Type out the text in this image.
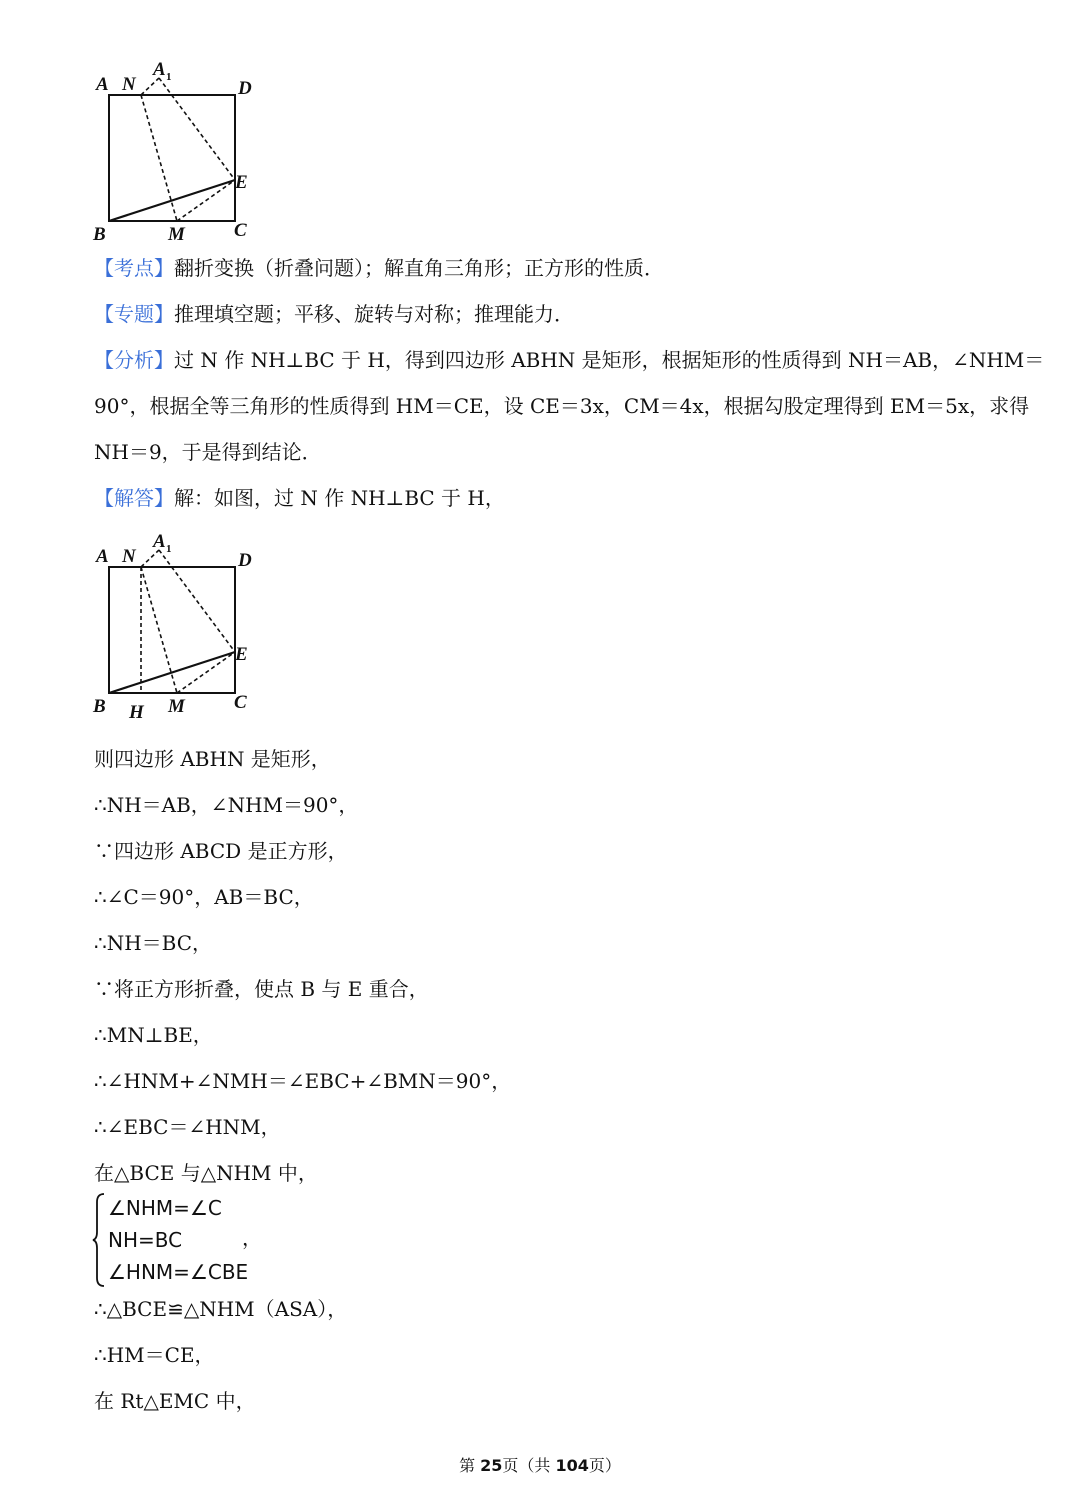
A N
A 1
D
E
B	M	C
【考点】翻折变换（折叠问题）；解直角三角形；正方形的性质．
【专题】推理填空题；平移、旋转与对称；推理能力．
【分析】过 N 作 NH⊥BC 于 H，得到四边形 ABHN 是矩形，根据矩形的性质得到 NH＝AB，∠NHM＝
90°，根据全等三角形的性质得到 HM＝CE，设 CE＝3x，CM＝4x，根据勾股定理得到 EM＝5x，求得
NH＝9，于是得到结论．
【解答】解：如图，过 N 作 NH⊥BC 于 H，
A N
A 1
D
E
B H M	C
则四边形 ABHN 是矩形，
∴NH＝AB，∠NHM＝90°，
∵四边形 ABCD 是正方形，
∴∠C＝90°，AB＝BC，
∴NH＝BC，
∵将正方形折叠，使点 B 与 E 重合，
∴MN⊥BE，
∴∠HNM+∠NMH＝∠EBC+∠BMN＝90°，
∴∠EBC＝∠HNM，
在△BCE 与△NHM 中，
∠NHM=∠C
NH=BC
∠HNM=∠CBE
，
∴△BCE≌△NHM（ASA），
∴HM＝CE，
在 Rt△EMC 中，
第 25页（共 104页）
